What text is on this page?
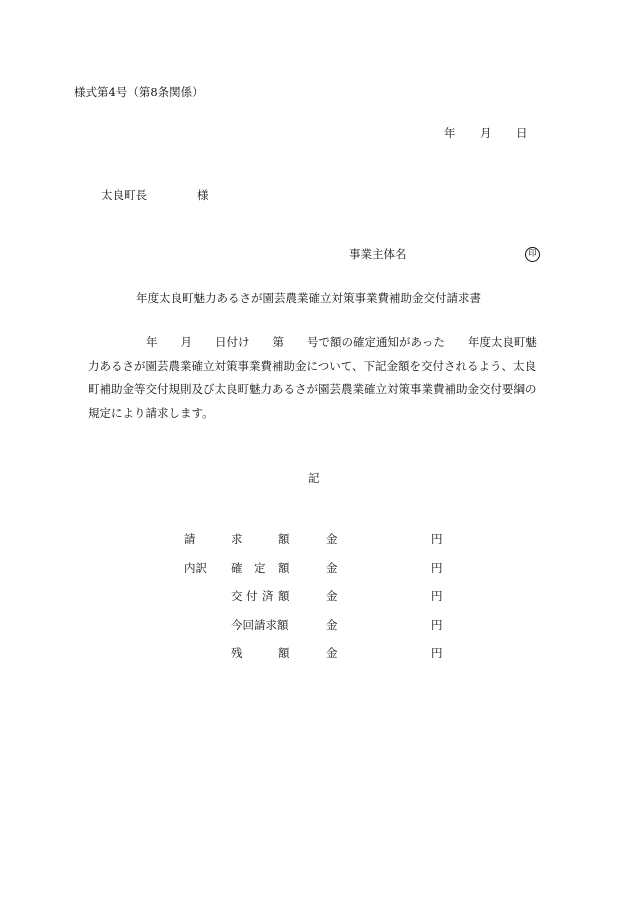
様式第4号（第8条関係）
年 月 日
太良町長	様
事業主体名	印
年度太良町魅力あるさが園芸農業確立対策事業費補助金交付請求書
年　　月　　日付け　　第　　号で額の確定通知があった　　年度太良町魅
力あるさが園芸農業確立対策事業費補助金について、下記金額を交付されるよう、太良
町補助金等交付規則及び太良町魅力あるさが園芸農業確立対策事業費補助金交付要綱の
規定により請求します。
記
請	求	額	金	円
内訳 確 定 額	金	円
交 付 済 額	金	円
今回請求額	金	円
残	額	金	円
